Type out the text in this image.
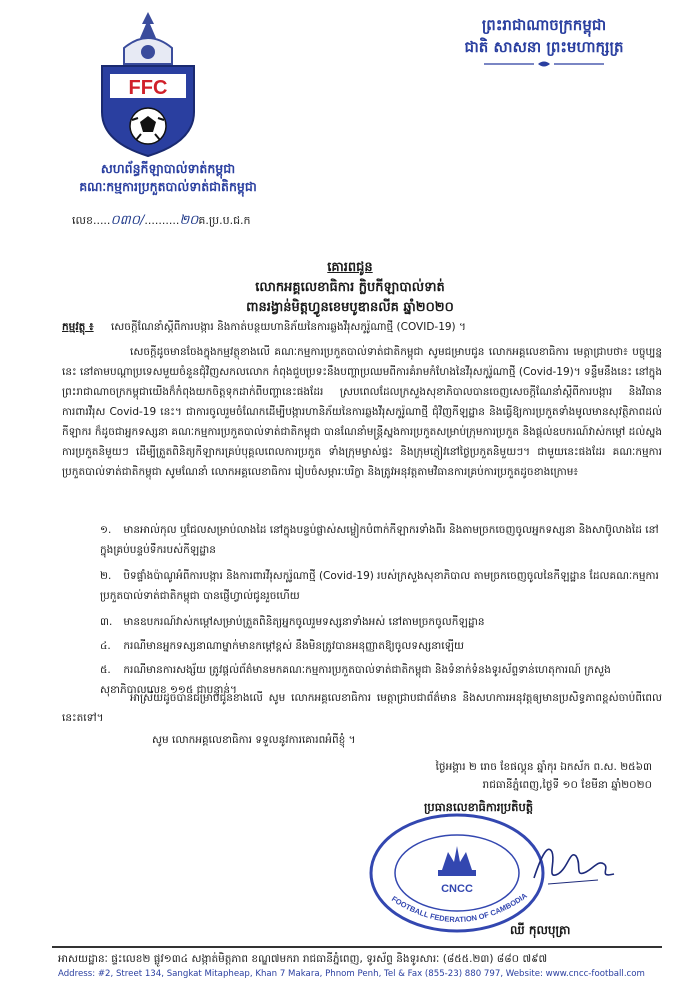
FFC
ព្រះរាជាណាចក្រកម្ពុជា
ជាតិ សាសនា ព្រះមហាក្សត្រ
សហព័ន្ធកីឡាបាល់ទាត់កម្ពុជា
គណៈកម្មការប្រកួតបាល់ទាត់ជាតិកម្ពុជា
លេខ.....០៣០/..........២០គ.ប្រ.ប.ជ.ក
គោរពជូន
លោកអគ្គលេខាធិការ ក្លិបកីឡាបាល់ទាត់
ពានរង្វាន់មិត្តហ្វូនខេមបូឌានលីគ ឆ្នាំ២០២០
កម្មវត្ថុ ៖ សេចក្តីណែនាំស្តីពីការបង្ការ និងកាត់បន្ថយហានិភ័យនៃការឆ្លងវីរុសកូរ៉ូណាថ្មី (COVID-19) ។
សេចក្តីដូចមានចែងក្នុងកម្មវត្ថុខាងលើ គណៈកម្មការប្រកួតបាល់ទាត់ជាតិកម្ពុជា សូមជម្រាបជូន លោកអគ្គលេខាធិការ មេត្តាជ្រាបថា៖ បច្ចុប្បន្ននេះ នៅតាមបណ្តាប្រទេសមួយចំនួនជុំវិញសកលលោក កំពុងជួបប្រទះនឹងបញ្ហាប្រឈមពីការគំរាមកំហែងនៃវីរុសកូរ៉ូណាថ្មី (Covid-19)។ ទន្ទឹមនឹងនេះ នៅក្នុងព្រះរាជាណាចក្រកម្ពុជាយើងក៏កំពុងយកចិត្តទុកដាក់ពីបញ្ហានេះផងដែរ ស្របពេលដែលក្រសួងសុខាភិបាលបានចេញសេចក្តីណែនាំស្តីពីការបង្ការ និងវិធានការពារវីរុស Covid-19 នេះ។ ជាការចូលរួមចំណែកដើម្បីបង្ការហានិភ័យនៃការឆ្លងវីរុសកូរ៉ូណាថ្មី ជុំវិញកីឡដ្ឋាន និងធ្វើឱ្យការប្រកួតទាំងមូលមានសុវត្ថិភាពដល់កីឡាករ ក៏ដូចជាអ្នកទស្សនា គណៈកម្មការប្រកួតបាល់ទាត់ជាតិកម្ពុជា បានណែនាំមន្ត្រីស្នងការប្រកួតសម្រាប់ក្រុមការប្រកួត និងផ្តល់ឧបករណ៍វាស់កម្តៅ ដល់ស្នងការប្រកួតនិមួយៗ ដើម្បីត្រួតពិនិត្យកីឡាករគ្រប់បុគ្គលពេលការប្រកួត ទាំងក្រុមម្ចាស់ផ្ទះ និងក្រុមភ្ញៀវនៅថ្ងៃប្រកួតនិមួយៗ។ ជាមួយនេះផងដែរ គណៈកម្មការប្រកួតបាល់ទាត់ជាតិកម្ពុជា សូមណែនាំ លោកអគ្គលេខាធិការ រៀបចំសម្ភារៈបរិក្ខា និងត្រូវអនុវត្តតាមវិធានការគ្រប់ការប្រកួតដូចខាងក្រោម៖
១. មានអាល់កុល ឬជែលសម្រាប់លាងដៃ នៅក្នុងបន្ទប់ផ្លាស់សម្លៀកបំពាក់កីឡាករទាំងពីរ និងតាមច្រកចេញចូលអ្នកទស្សនា និងសាប៊ូលាងដៃ នៅក្នុងគ្រប់បន្ទប់ទឹករបស់កីឡដ្ឋាន
២. បិទផ្ទាំងប៉ាណូអំពីការបង្ការ និងការពារវីរុសកូរ៉ូណាថ្មី (Covid-19) របស់ក្រសួងសុខាភិបាល តាមច្រកចេញចូលនៃកីឡដ្ឋាន ដែលគណៈកម្មការប្រកួតបាល់ទាត់ជាតិកម្ពុជា បានផ្ញើហ្វាល់ជូនរួចហើយ
៣. មានឧបករណ៍វាស់កម្តៅសម្រាប់ត្រួតពិនិត្យអ្នកចូលរួមទស្សនាទាំងអស់ នៅតាមច្រកចូលកីឡដ្ឋាន
៤. ករណីមានអ្នកទស្សនាណាម្នាក់មានកម្តៅខ្ពស់ នឹងមិនត្រូវបានអនុញ្ញាតឱ្យចូលទស្សនាឡើយ
៥. ករណីមានការសង្ស័យ ត្រូវផ្តល់ព័ត៌មានមកគណៈកម្មការប្រកួតបាល់ទាត់ជាតិកម្ពុជា និងទំនាក់ទំនងទូរស័ព្ទទាន់ហេតុការណ៍ ក្រសួងសុខាភិបាលលេខ ១១៥ ជាបន្ទាន់។
អាស្រ័យដូចបានជម្រាបជូនខាងលើ សូម លោកអគ្គលេខាធិការ មេត្តាជ្រាបជាព័ត៌មាន និងសហការអនុវត្តឲ្យមានប្រសិទ្ធភាពខ្ពស់ចាប់ពីពេលនេះតទៅ។
សូម លោកអគ្គលេខាធិការ ទទួលនូវការគោរពអំពីខ្ញុំ ។
ថ្ងៃអង្គារ ២ រោច ខែផល្គុន ឆ្នាំកុរ ឯកស័ក ព.ស. ២៥៦៣
រាជធានីភ្នំពេញ,ថ្ងៃទី ១០ ខែមីនា ឆ្នាំ២០២០
ប្រធានលេខាធិការប្រតិបត្តិ
FOOTBALL FEDERATION OF CAMBODIA
CNCC
ឈី កុលបុត្រា
អាសយដ្ឋានៈ ផ្ទះលេខ២ ផ្លូវ១៣៤ សង្កាត់មិត្តភាព ខណ្ឌ៧មករា រាជធានីភ្នំពេញ, ទូរស័ព្ទ និងទូរសារៈ (៨៥៥.២៣) ៨៨០ ៧៩៧
Address: #2, Street 134, Sangkat Mitapheap, Khan 7 Makara, Phnom Penh, Tel & Fax (855-23) 880 797, Website: www.cncc-football.com
